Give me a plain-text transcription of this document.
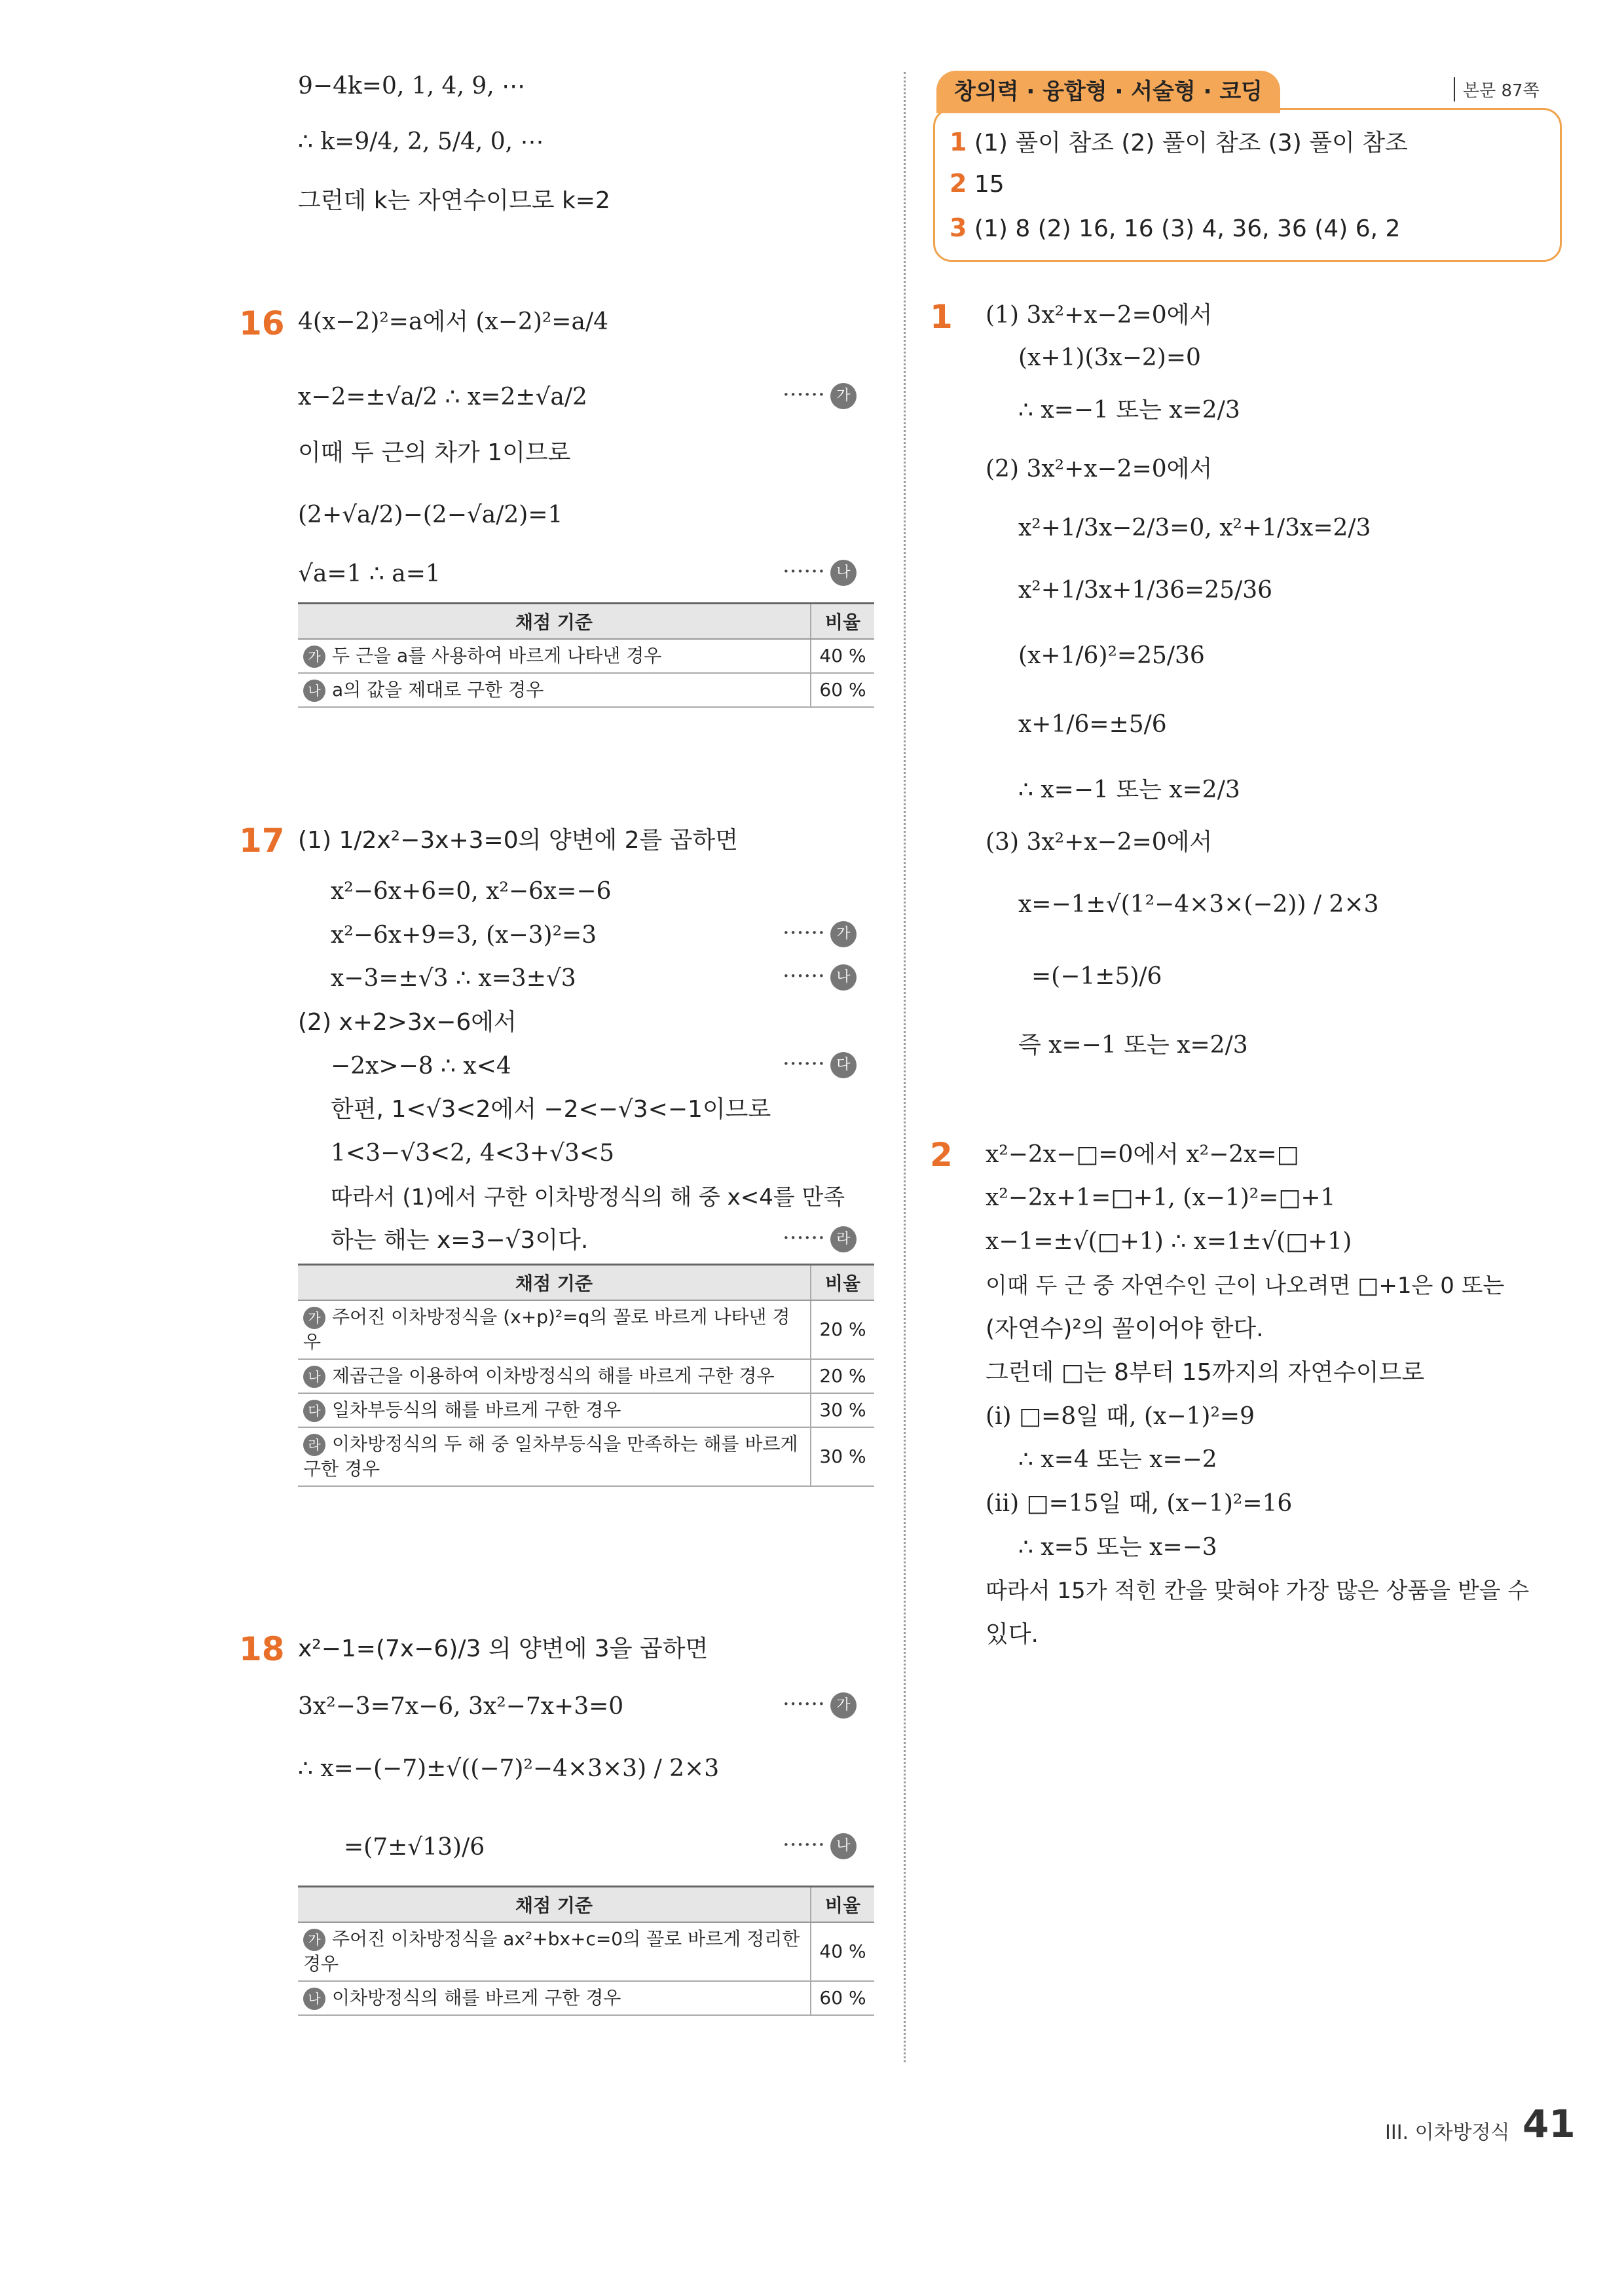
9−4k=0, 1, 4, 9, ⋯
∴ k=9/4, 2, 5/4, 0, ⋯
그런데 k는 자연수이므로 k=2
16 4(x−2)²=a에서 (x−2)²=a/4
x−2=±√a/2 ∴ x=2±√a/2	······ 가
이때 두 근의 차가 1이므로
(2+√a/2)−(2−√a/2)=1
√a=1 ∴ a=1	······ 나
채점 기준	비율
가 두 근을 a를 사용하여 바르게 나타낸 경우	40 %
나 a의 값을 제대로 구한 경우	60 %
17 (1) 1/2x²−3x+3=0의 양변에 2를 곱하면
x²−6x+6=0, x²−6x=−6
x²−6x+9=3, (x−3)²=3	······ 가
x−3=±√3 ∴ x=3±√3	······ 나
(2) x+2>3x−6에서
−2x>−8 ∴ x<4	······ 다
한편, 1<√3<2에서 −2<−√3<−1이므로
1<3−√3<2, 4<3+√3<5
따라서 (1)에서 구한 이차방정식의 해 중 x<4를 만족
하는 해는 x=3−√3이다.	······ 라
채점 기준	비율
가 주어진 이차방정식을 (x+p)²=q의 꼴로 바르게 나타낸 경우	20 %
나 제곱근을 이용하여 이차방정식의 해를 바르게 구한 경우	20 %
다 일차부등식의 해를 바르게 구한 경우	30 %
라 이차방정식의 두 해 중 일차부등식을 만족하는 해를 바르게 구한 경우	30 %
18 x²−1=(7x−6)/3 의 양변에 3을 곱하면
3x²−3=7x−6, 3x²−7x+3=0	······ 가
∴ x=−(−7)±√((−7)²−4×3×3) / 2×3
=(7±√13)/6	······ 나
채점 기준	비율
가 주어진 이차방정식을 ax²+bx+c=0의 꼴로 바르게 정리한 경우	40 %
나 이차방정식의 해를 바르게 구한 경우	60 %
창의력 · 융합형 · 서술형 · 코딩	본문 87쪽
1 (1) 풀이 참조 (2) 풀이 참조 (3) 풀이 참조
2 15
3 (1) 8 (2) 16, 16 (3) 4, 36, 36 (4) 6, 2
1 (1) 3x²+x−2=0에서
(x+1)(3x−2)=0
∴ x=−1 또는 x=2/3
(2) 3x²+x−2=0에서
x²+1/3x−2/3=0, x²+1/3x=2/3
x²+1/3x+1/36=25/36
(x+1/6)²=25/36
x+1/6=±5/6
∴ x=−1 또는 x=2/3
(3) 3x²+x−2=0에서
x=−1±√(1²−4×3×(−2)) / 2×3
=(−1±5)/6
즉 x=−1 또는 x=2/3
2 x²−2x−□=0에서 x²−2x=□
x²−2x+1=□+1, (x−1)²=□+1
x−1=±√(□+1) ∴ x=1±√(□+1)
이때 두 근 중 자연수인 근이 나오려면 □+1은 0 또는
(자연수)²의 꼴이어야 한다.
그런데 □는 8부터 15까지의 자연수이므로
(i) □=8일 때, (x−1)²=9
∴ x=4 또는 x=−2
(ii) □=15일 때, (x−1)²=16
∴ x=5 또는 x=−3
따라서 15가 적힌 칸을 맞혀야 가장 많은 상품을 받을 수
있다.
III. 이차방정식 41
